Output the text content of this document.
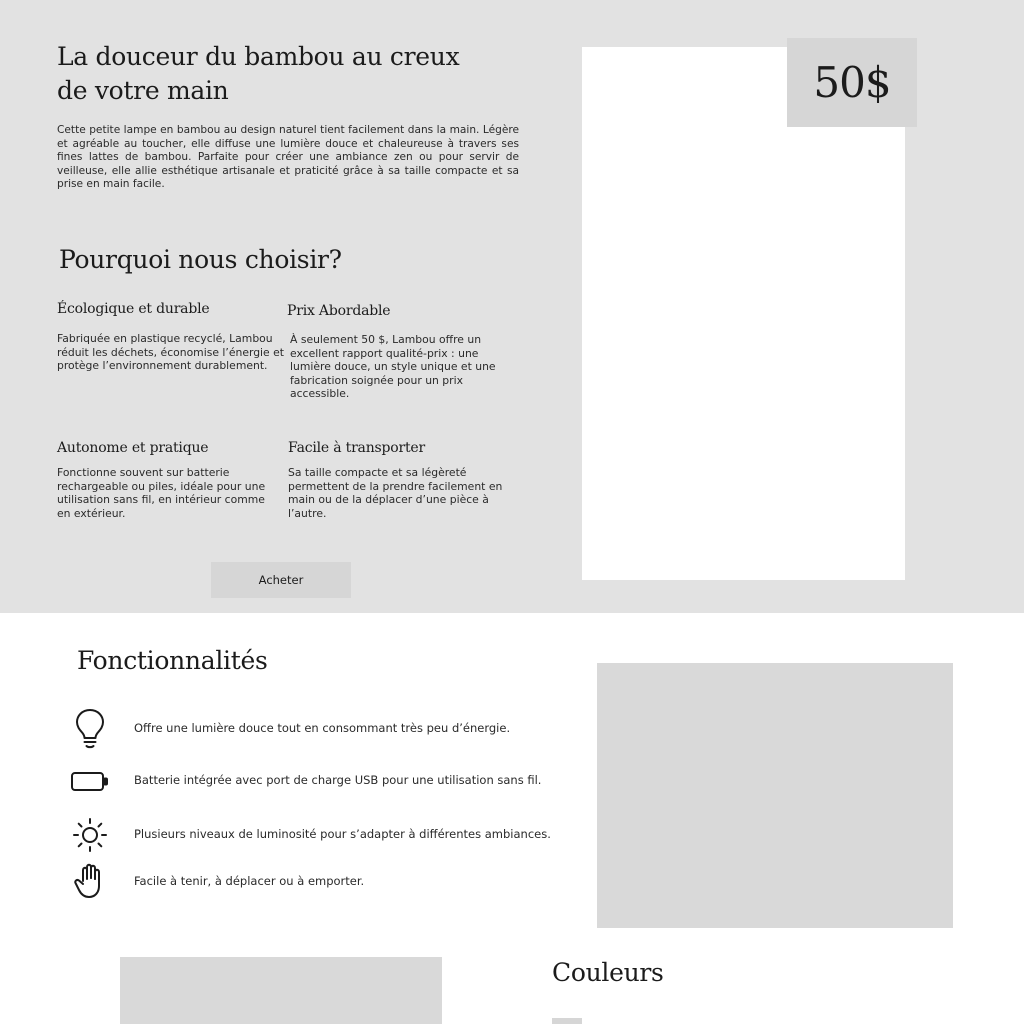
La douceur du bambou au creux de votre main

Cette petite lampe en bambou au design naturel tient facilement dans la main. Légère et agréable au toucher, elle diffuse une lumière douce et chaleureuse à travers ses fines lattes de bambou. Parfaite pour créer une ambiance zen ou pour servir de veilleuse, elle allie esthétique artisanale et praticité grâce à sa taille compacte et sa prise en main facile.

Pourquoi nous choisir?
Écologique et durable

Fabriquée en plastique recyclé, Lambou réduit les déchets, économise l’énergie et protège l’environnement durablement.

Prix Abordable

À seulement 50 $, Lambou offre un excellent rapport qualité-prix : une lumière douce, un style unique et une fabrication soignée pour un prix accessible.

Autonome et pratique

Fonctionne souvent sur batterie rechargeable ou piles, idéale pour une utilisation sans fil, en intérieur comme en extérieur.

Facile à transporter

Sa taille compacte et sa légèreté permettent de la prendre facilement en main ou de la déplacer d’une pièce à l’autre.

Acheter
50$
Fonctionnalités

Offre une lumière douce tout en consommant très peu d’énergie.

Batterie intégrée avec port de charge USB pour une utilisation sans fil.

Plusieurs niveaux de luminosité pour s’adapter à différentes ambiances.

Facile à tenir, à déplacer ou à emporter.

Couleurs
